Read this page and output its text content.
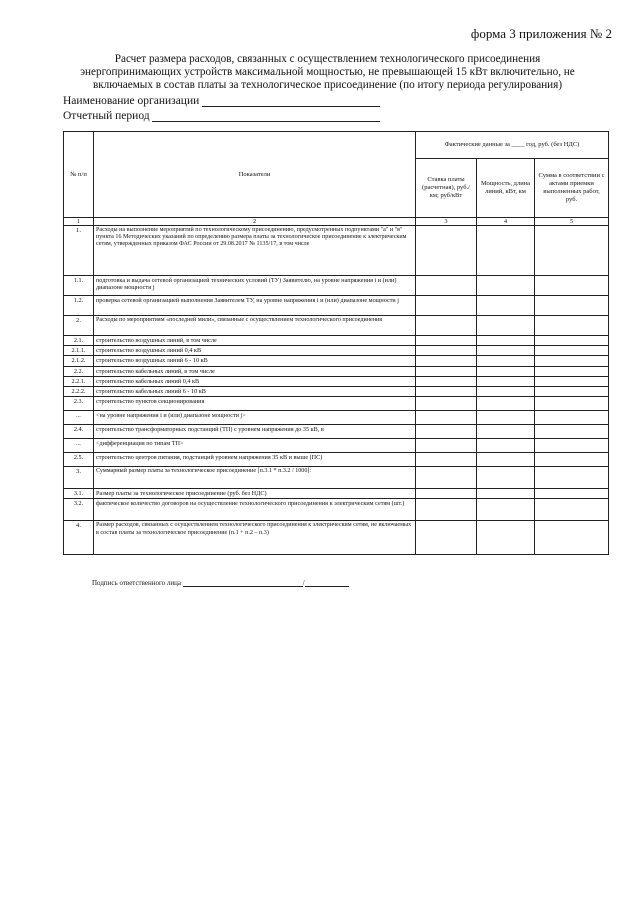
форма 3 приложения № 2
Расчет размера расходов, связанных с осуществлением технологического присоединения
энергопринимающих устройств максимальной мощностью, не превышающей 15 кВт включительно, не
включаемых в состав платы за технологическое присоединение (по итогу периода регулирования)
Наименование организации
Отчетный период
№ п/п	Показатели	Фактические данные за ____ год, руб. (без НДС)		
		Ставка платы (расчетная), руб./км; руб/кВт	Мощность, длина линий, кВт, км	Сумма в соответствии с актами приемки выполненных работ, руб.
1	2	3	4	5
1.	Расходы на выполнение мероприятий по технологическому присоединению, предусмотренных подпунктами "а" и "в" пункта 16 Методических указаний по определению размера платы за технологическое присоединение к электрическим сетям, утвержденных приказом ФАС России от 29.08.2017 № 1135/17, в том числе			
1.1.	подготовка и выдача сетевой организацией технических условий (ТУ) Заявителю, на уровне напряжения i и (или) диапазоне мощности j			
1.2.	проверка сетевой организацией выполнения Заявителем ТУ, на уровне напряжения i и (или) диапазоне мощности j			
2.	Расходы по мероприятиям «последней мили», связанные с осуществлением технологического присоединения			
2.1.	строительство воздушных линий, в том числе			
2.1.1.	строительство воздушных линий 0,4 кВ			
2.1.2.	строительство воздушных линий 6 - 10 кВ			
2.2.	строительство кабельных линий, в том числе			
2.2.1.	строительство кабельных линий 0,4 кВ			
2.2.2.	строительство кабельных линий 6 - 10 кВ			
2.3.	строительство пунктов секционирования			
...	<на уровне напряжения i и (или) диапазоне мощности j>			
2.4.	строительство трансформаторных подстанций (ТП) с уровнем напряжения до 35 кВ, в			
...	<дифференциация по типам ТП>			
2.5.	строительство центров питания, подстанций уровнем напряжения 35 кВ и выше (ПС)			
3.	Суммарный размер платы за технологическое присоединение [п.3.1 * п.3.2 / 1000]:			
3.1.	Размер платы за технологическое присоединение (руб. без НДС)			
3.2.	фактическое количество договоров на осуществление технологического присоединения к электрическим сетям (шт.)			
4.	Размер расходов, связанных с осуществлением технологического присоединения к электрическим сетям, не включаемых в состав платы за технологическое присоединение (п.1 + п.2 – п.3)			
Подпись ответственного лица	/
